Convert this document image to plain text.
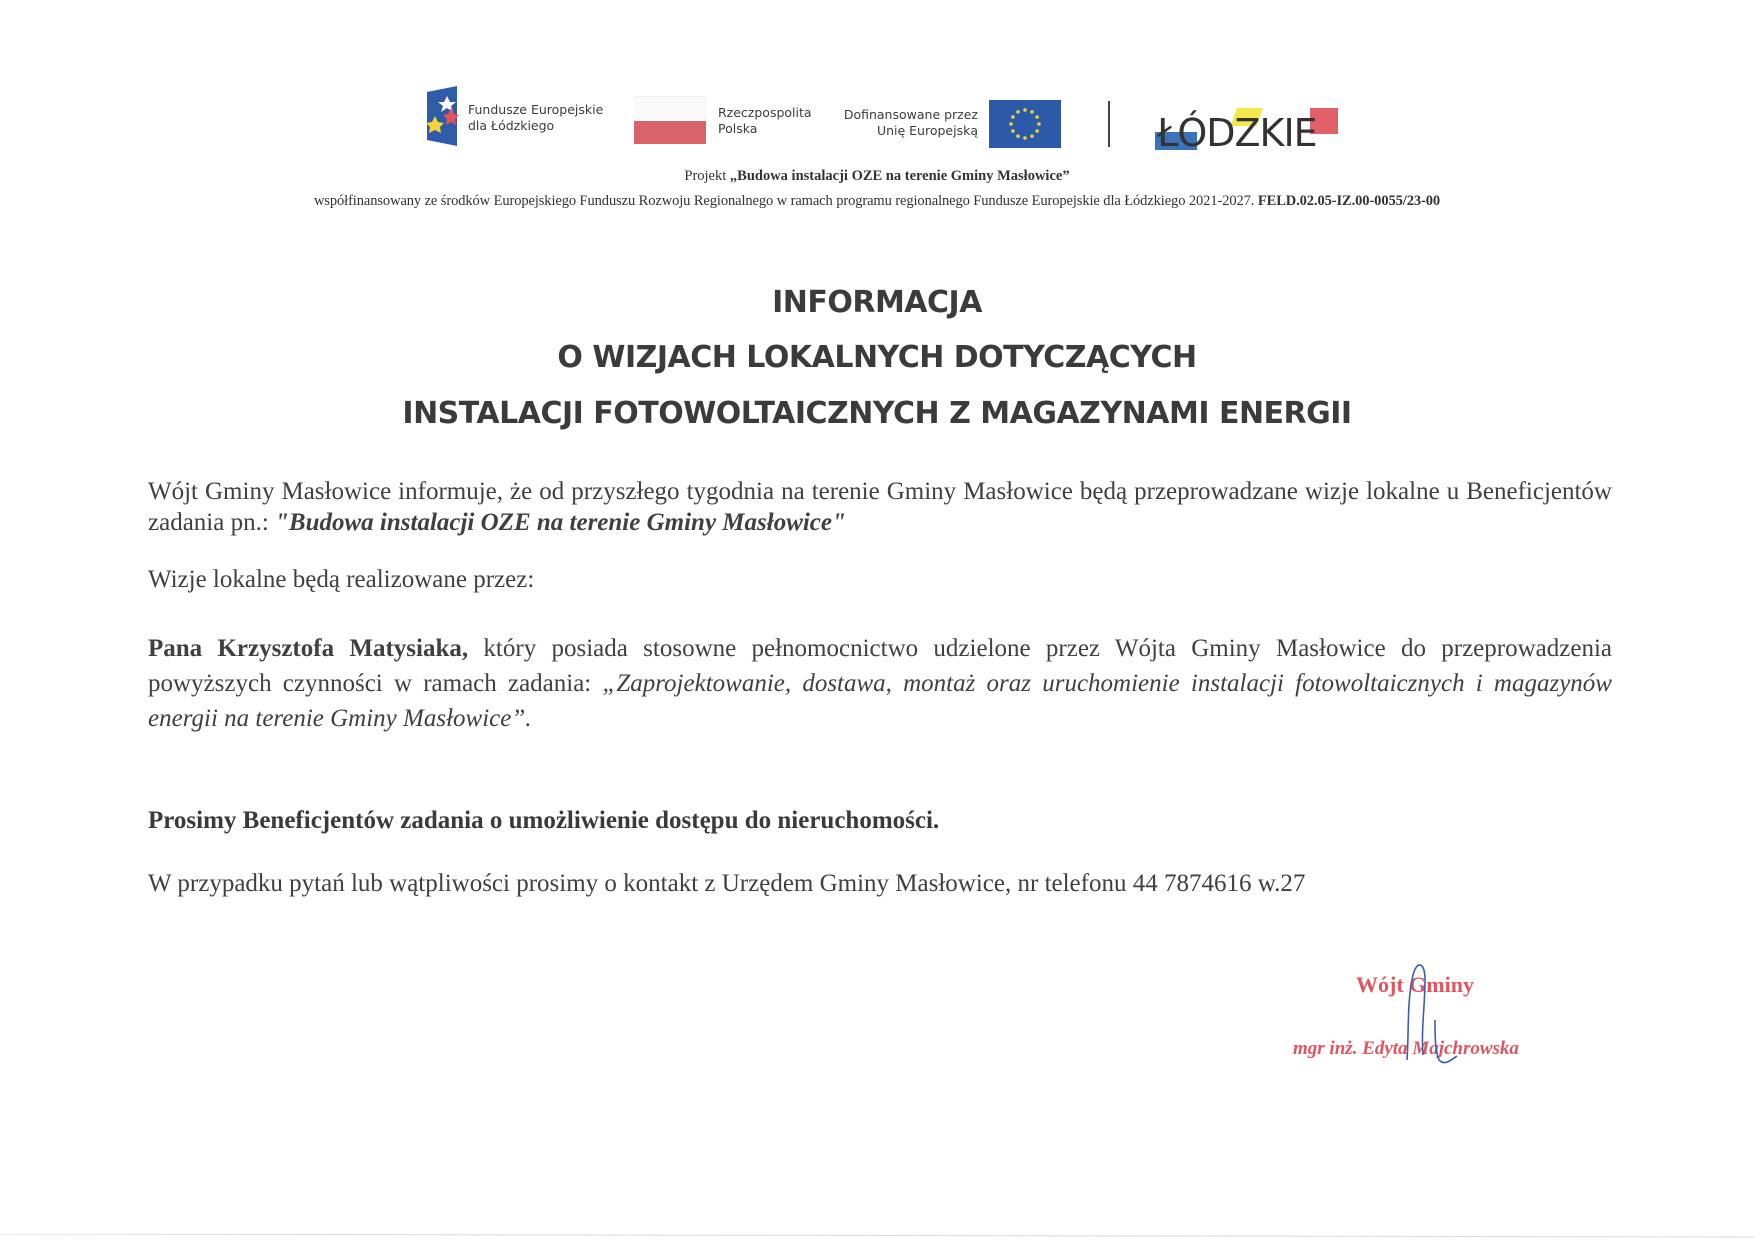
Fundusze Europejskie
dla Łódzkiego
Rzeczpospolita
Polska
Dofinansowane przez
Unię Europejską	ŁÓDZKIE
Projekt „Budowa instalacji OZE na terenie Gminy Masłowice”
współfinansowany ze środków Europejskiego Funduszu Rozwoju Regionalnego w ramach programu regionalnego Fundusze Europejskie dla Łódzkiego 2021-2027. FELD.02.05-IZ.00-0055/23-00
INFORMACJA
O WIZJACH LOKALNYCH DOTYCZĄCYCH
INSTALACJI FOTOWOLTAICZNYCH Z MAGAZYNAMI ENERGII
Wójt Gminy Masłowice informuje, że od przyszłego tygodnia na terenie Gminy Masłowice będą przeprowadzane wizje lokalne u Beneficjentów zadania pn.: "Budowa instalacji OZE na terenie Gminy Masłowice"
Wizje lokalne będą realizowane przez:
Pana Krzysztofa Matysiaka, który posiada stosowne pełnomocnictwo udzielone przez Wójta Gminy Masłowice do przeprowadzenia powyższych czynności w ramach zadania: „Zaprojektowanie, dostawa, montaż oraz uruchomienie instalacji fotowoltaicznych i magazynów energii na terenie Gminy Masłowice”.
Prosimy Beneficjentów zadania o umożliwienie dostępu do nieruchomości.
W przypadku pytań lub wątpliwości prosimy o kontakt z Urzędem Gminy Masłowice, nr telefonu 44 7874616 w.27
Wójt Gminy
mgr inż. Edyta Majchrowska
